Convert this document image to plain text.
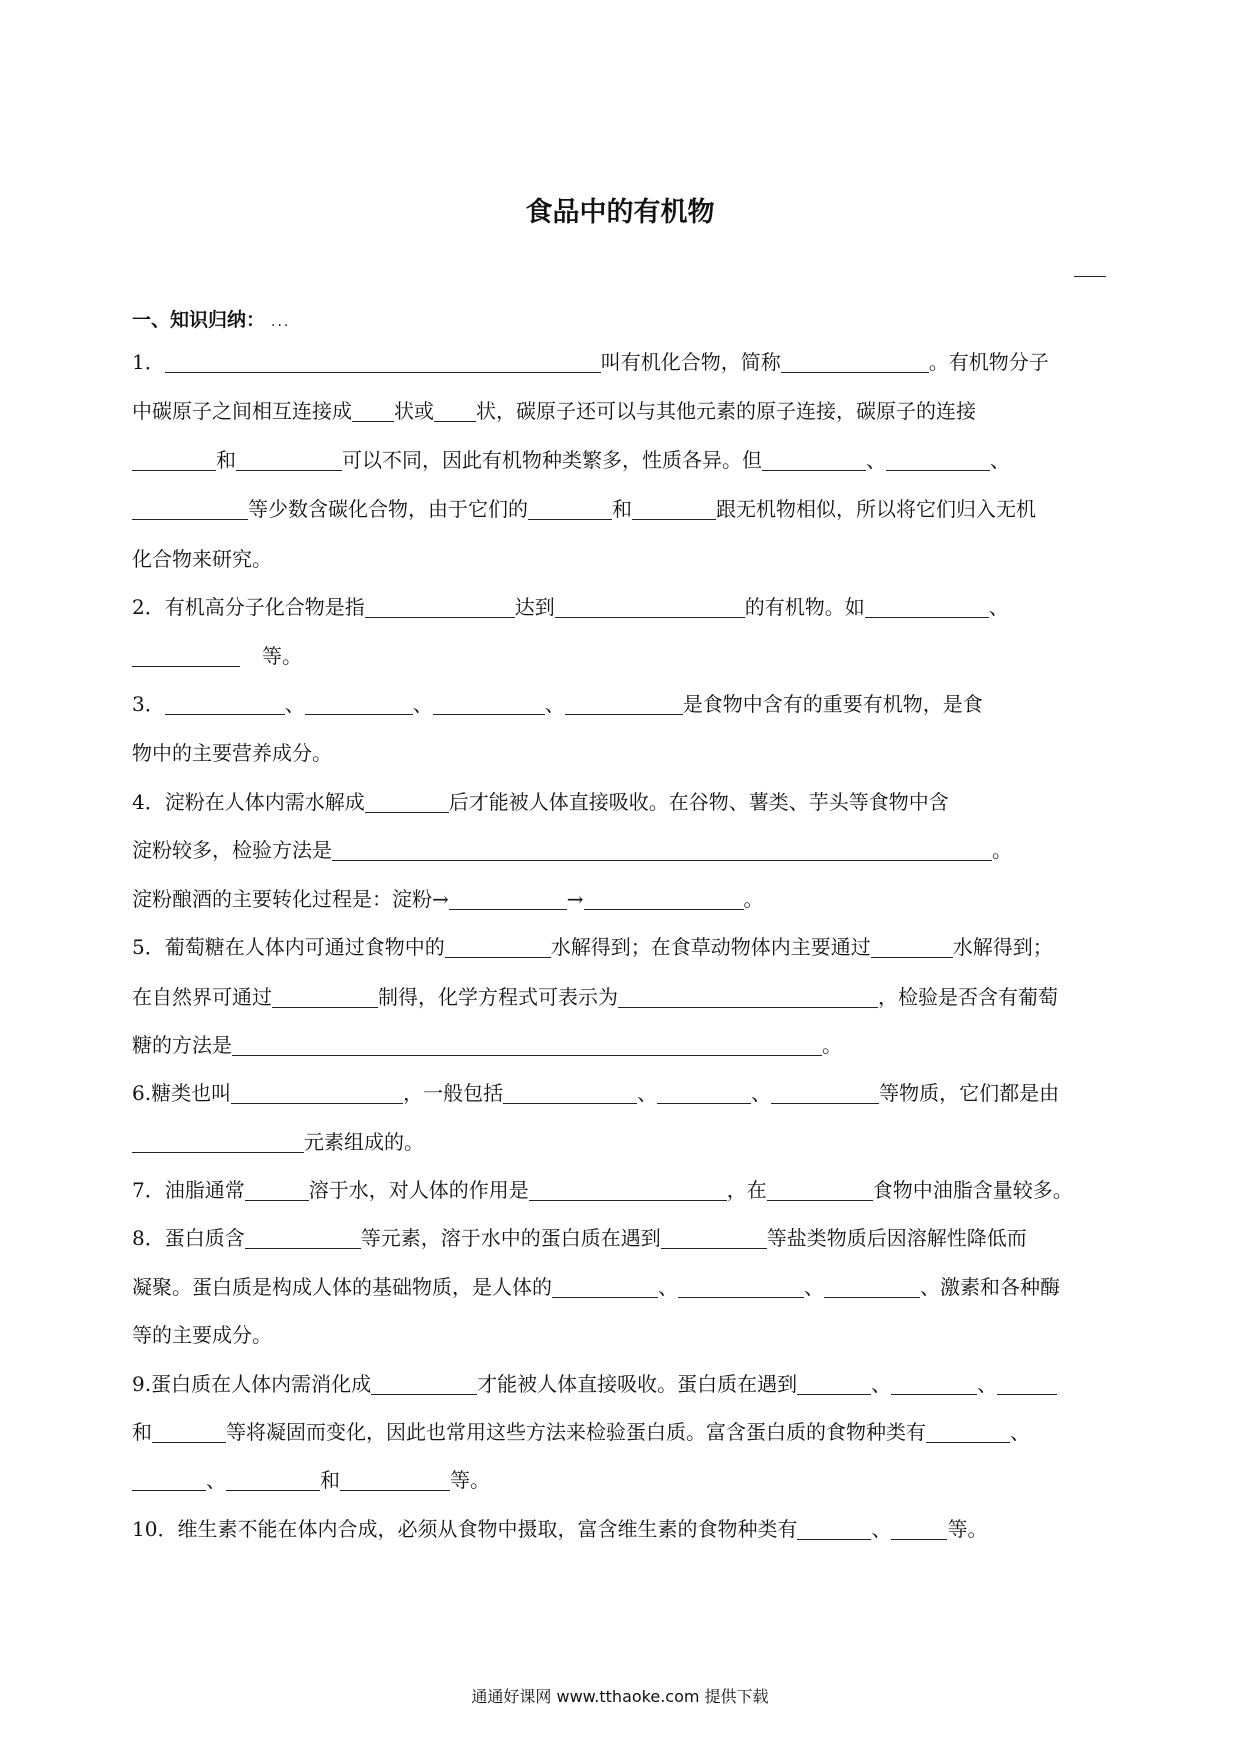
食品中的有机物
一、知识归纳： ...
1．	叫有机化合物，简称	。有机物分子
中碳原子之间相互连接成 状或 状，碳原子还可以与其他元素的原子连接，碳原子的连接
和	可以不同，因此有机物种类繁多，性质各异。但	、	、
等少数含碳化合物，由于它们的	和	跟无机物相似，所以将它们归入无机
化合物来研究。
2．有机高分子化合物是指	达到	的有机物。如	、
等。
3．	、	、	、	是食物中含有的重要有机物，是食
物中的主要营养成分。
4．淀粉在人体内需水解成	后才能被人体直接吸收。在谷物、薯类、芋头等食物中含
淀粉较多，检验方法是	。
淀粉酿酒的主要转化过程是：淀粉→	→	。
5．葡萄糖在人体内可通过食物中的	水解得到；在食草动物体内主要通过	水解得到；
在自然界可通过	制得，化学方程式可表示为	，检验是否含有葡萄
糖的方法是	。
6.糖类也叫	，一般包括	、	、	等物质，它们都是由
元素组成的。
7．油脂通常	溶于水，对人体的作用是	，在	食物中油脂含量较多。
8．蛋白质含	等元素，溶于水中的蛋白质在遇到	等盐类物质后因溶解性降低而
凝聚。蛋白质是构成人体的基础物质，是人体的	、	、	、激素和各种酶
等的主要成分。
9.蛋白质在人体内需消化成	才能被人体直接吸收。蛋白质在遇到	、	、
和	等将凝固而变化，因此也常用这些方法来检验蛋白质。富含蛋白质的食物种类有	、
、	和	等。
10．维生素不能在体内合成，必须从食物中摄取，富含维生素的食物种类有	、	等。
通通好课网 www.tthaoke.com 提供下载
